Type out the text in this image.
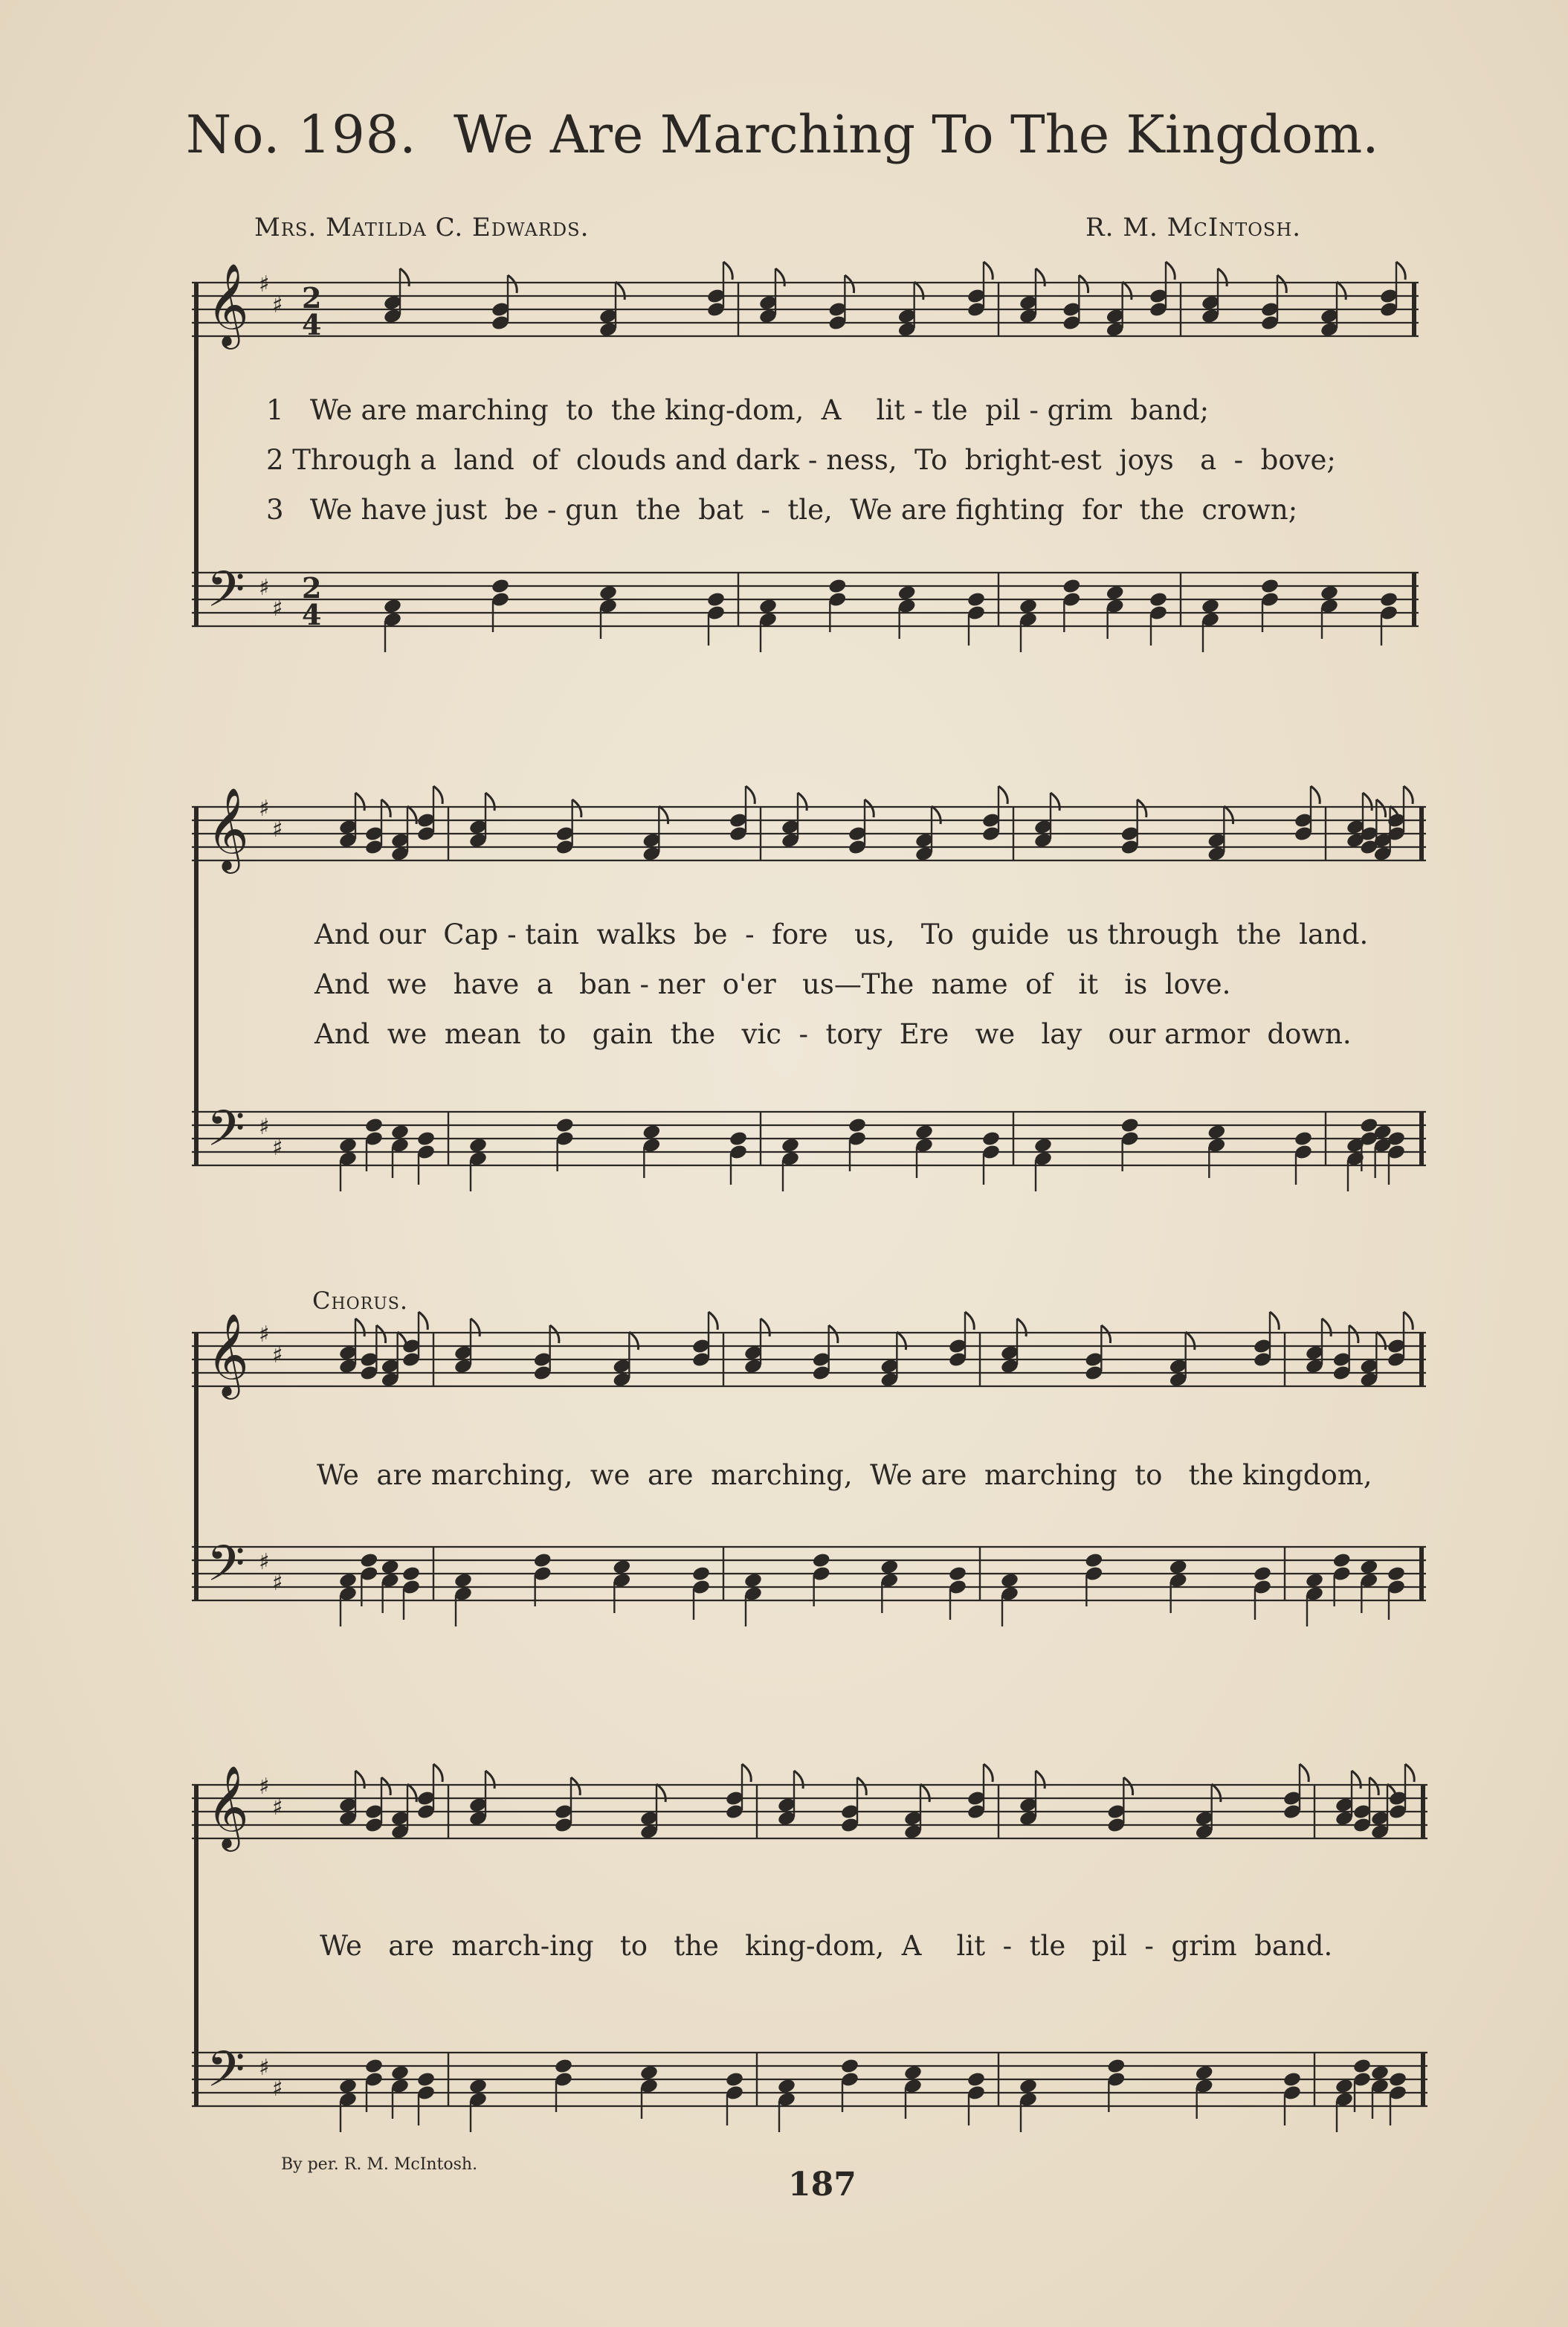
No. 198. We Are Marching To The Kingdom.
Mrs. Matilda C. Edwards.	R. M. McIntosh.
𝄞
𝄢
♯
♯
♯
♯
2
4
2
4
1   We are marching  to  the king-dom,  A    lit - tle  pil - grim  band;
2 Through a  land  of  clouds and dark - ness,  To  bright-est  joys   a  -  bove;
3   We have just  be - gun  the  bat  -  tle,  We are fighting  for  the  crown;
𝄞
𝄢
♯
♯
♯
♯
And our  Cap - tain  walks  be  -  fore   us,   To  guide  us through  the  land.
And  we   have  a   ban - ner  o'er   us—The  name  of   it   is  love.
And  we  mean  to   gain  the   vic  -  tory  Ere   we   lay   our armor  down.
Chorus.
𝄞
𝄢
♯
♯
♯
♯
We  are marching,  we  are  marching,  We are  marching  to   the kingdom,
𝄞
𝄢
♯
♯
♯
♯
We   are  march-ing   to   the   king-dom,  A    lit  -  tle   pil  -  grim  band.
By per. R. M. McIntosh.
187
